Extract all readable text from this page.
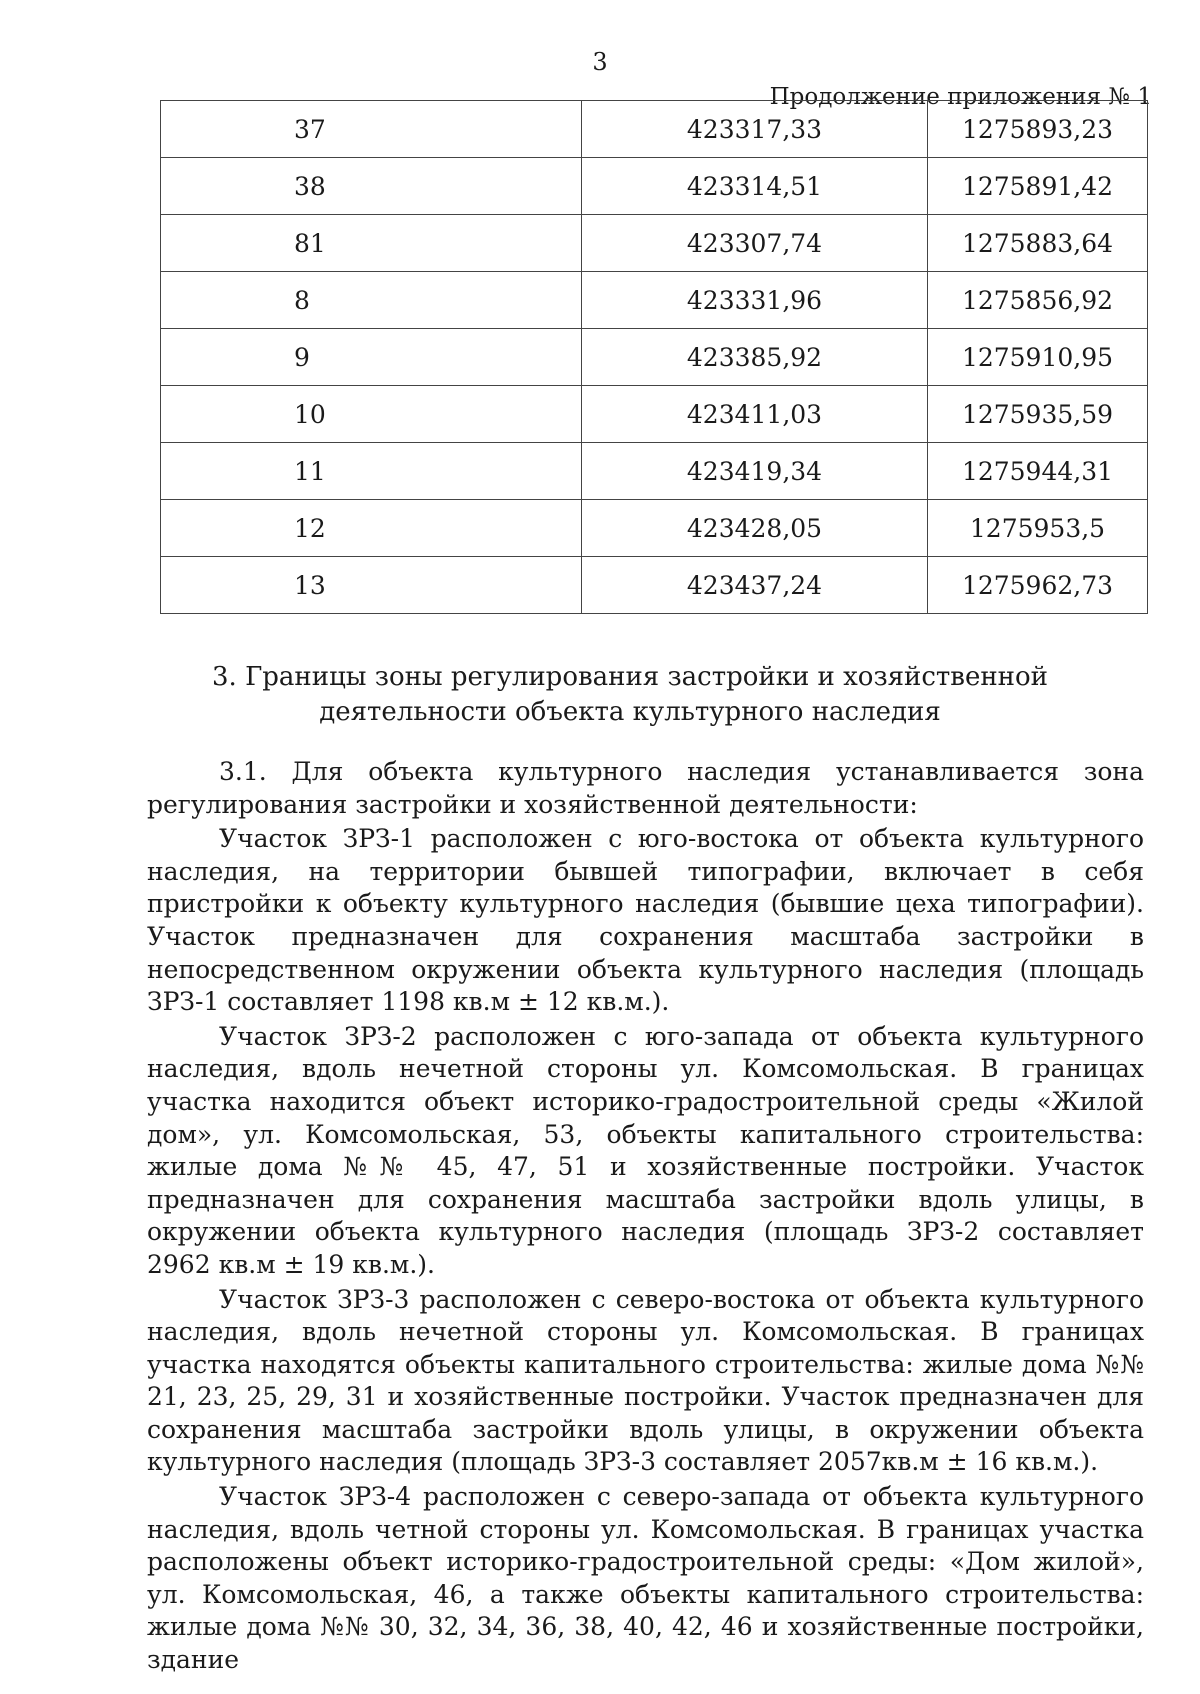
3
Продолжение приложения № 1
37	423317,33	1275893,23
38	423314,51	1275891,42
81	423307,74	1275883,64
8	423331,96	1275856,92
9	423385,92	1275910,95
10	423411,03	1275935,59
11	423419,34	1275944,31
12	423428,05	1275953,5
13	423437,24	1275962,73
3. Границы зоны регулирования застройки и хозяйственной
деятельности объекта культурного наследия

3.1. Для объекта культурного наследия устанавливается зона регулирования застройки и хозяйственной деятельности:

Участок ЗРЗ-1 расположен с юго-востока от объекта культурного наследия, на территории бывшей типографии, включает в себя пристройки к объекту культурного наследия (бывшие цеха типографии). Участок предназначен для сохранения масштаба застройки в непосредственном окружении объекта культурного наследия (площадь ЗРЗ-1 составляет 1198 кв.м ± 12 кв.м.).

Участок ЗРЗ-2 расположен с юго-запада от объекта культурного наследия, вдоль нечетной стороны ул. Комсомольская. В границах участка находится объект историко-градостроительной среды «Жилой дом», ул. Комсомольская, 53, объекты капитального строительства: жилые дома №№ 45, 47, 51 и хозяйственные постройки. Участок предназначен для сохранения масштаба застройки вдоль улицы, в окружении объекта культурного наследия (площадь ЗРЗ-2 составляет 2962 кв.м ± 19 кв.м.).

Участок ЗРЗ-3 расположен с северо-востока от объекта культурного наследия, вдоль нечетной стороны ул. Комсомольская. В границах участка находятся объекты капитального строительства: жилые дома №№ 21, 23, 25, 29, 31 и хозяйственные постройки. Участок предназначен для сохранения масштаба застройки вдоль улицы, в окружении объекта культурного наследия (площадь ЗРЗ-3 составляет 2057кв.м ± 16 кв.м.).

Участок ЗРЗ-4 расположен с северо-запада от объекта культурного наследия, вдоль четной стороны ул. Комсомольская. В границах участка расположены объект историко-градостроительной среды: «Дом жилой», ул. Комсомольская, 46, а также объекты капитального строительства: жилые дома №№ 30, 32, 34, 36, 38, 40, 42, 46 и хозяйственные постройки, здание
